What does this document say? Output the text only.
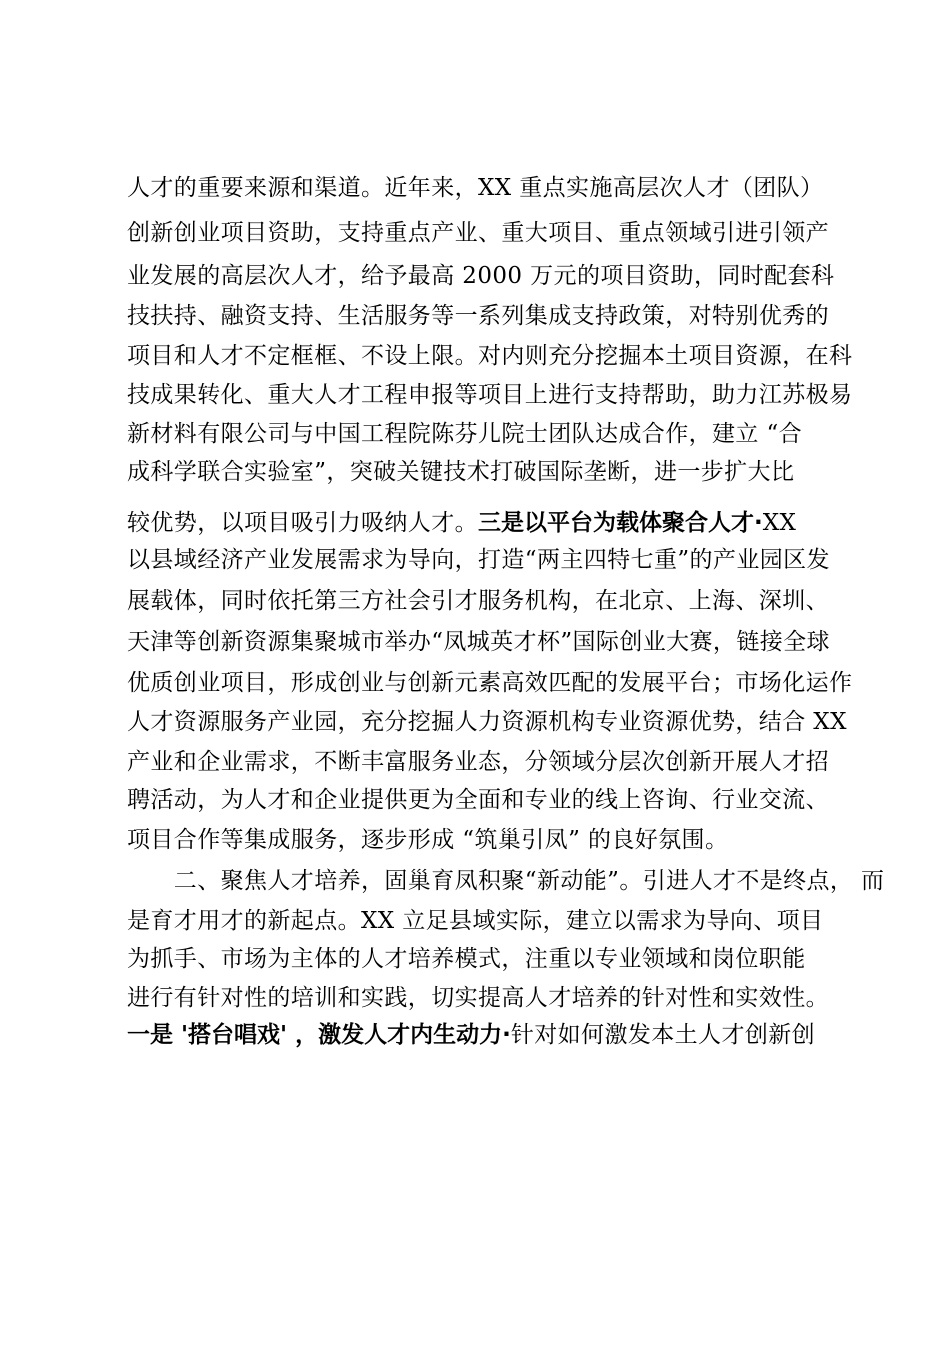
人才的重要来源和渠道。近年来，XX 重点实施高层次人才（团队）
创新创业项目资助，支持重点产业、重大项目、重点领域引进引领产
业发展的高层次人才，给予最高 2000 万元的项目资助，同时配套科
技扶持、融资支持、生活服务等一系列集成支持政策，对特别优秀的
项目和人才不定框框、不设上限。对内则充分挖掘本土项目资源，在科
技成果转化、重大人才工程申报等项目上进行支持帮助，助力江苏极易
新材料有限公司与中国工程院陈芬儿院士团队达成合作，建立 “合
成科学联合实验室”，突破关键技术打破国际垄断，进一步扩大比
较优势，以项目吸引力吸纳人才。三是以平台为载体聚合人才·XX
以县域经济产业发展需求为导向，打造“两主四特七重”的产业园区发
展载体，同时依托第三方社会引才服务机构，在北京、上海、深圳、
天津等创新资源集聚城市举办“凤城英才杯”国际创业大赛，链接全球
优质创业项目，形成创业与创新元素高效匹配的发展平台；市场化运作
人才资源服务产业园，充分挖掘人力资源机构专业资源优势，结合 XX
产业和企业需求，不断丰富服务业态，分领域分层次创新开展人才招
聘活动，为人才和企业提供更为全面和专业的线上咨询、行业交流、
项目合作等集成服务，逐步形成 “筑巢引凤” 的良好氛围。
　　二、聚焦人才培养，固巢育凤积聚“新动能”。引进人才不是终点， 而
是育才用才的新起点。XX 立足县域实际，建立以需求为导向、项目
为抓手、市场为主体的人才培养模式，注重以专业领域和岗位职能
进行有针对性的培训和实践，切实提高人才培养的针对性和实效性。
一是 '搭台唱戏' ，激发人才内生动力·针对如何激发本土人才创新创
